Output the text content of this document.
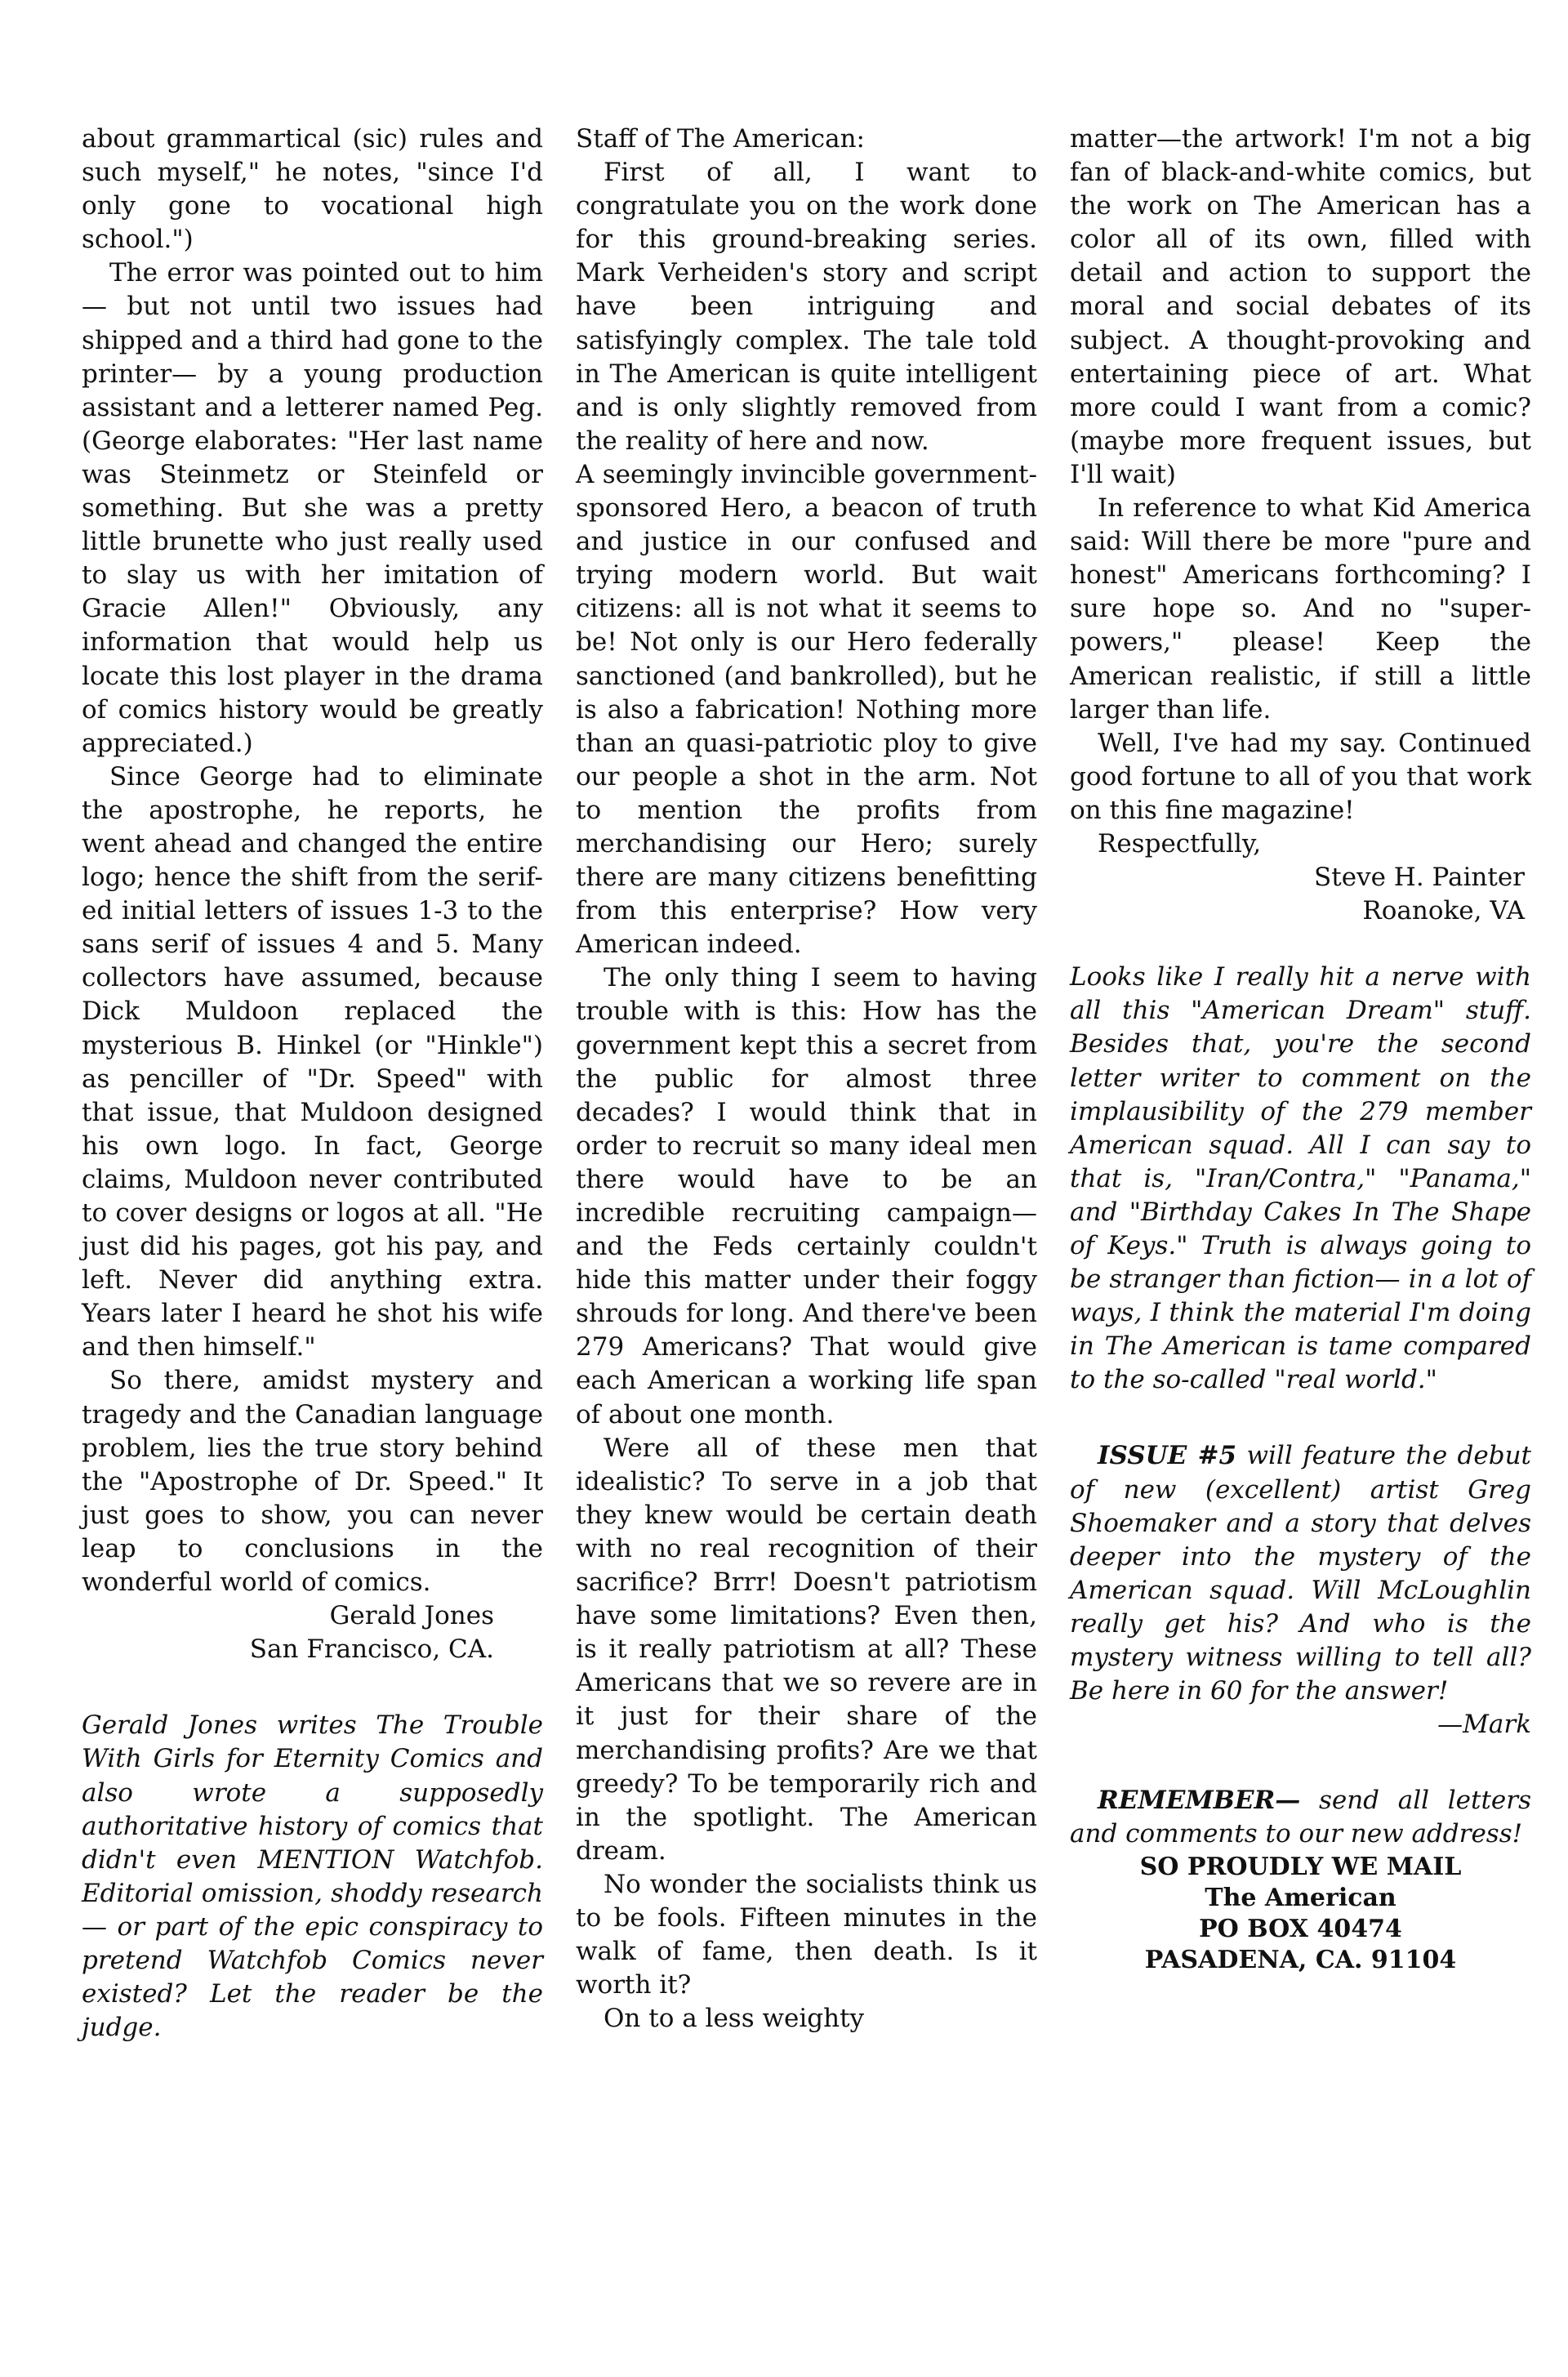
about grammartical (sic) rules and such myself," he notes, "since I'd only gone to vocational high school.")

The error was pointed out to him— but not until two issues had shipped and a third had gone to the printer— by a young production assistant and a letterer named Peg. (George elaborates: "Her last name was Steinmetz or Steinfeld or something. But she was a pretty little brunette who just really used to slay us with her imitation of Gracie Allen!" Obviously, any information that would help us locate this lost player in the drama of comics history would be greatly appreciated.)

Since George had to eliminate the apostrophe, he reports, he went ahead and changed the entire logo; hence the shift from the serif-ed initial letters of issues 1-3 to the sans serif of issues 4 and 5. Many collectors have assumed, because Dick Muldoon replaced the mysterious B. Hinkel (or "Hinkle") as penciller of "Dr. Speed" with that issue, that Muldoon designed his own logo. In fact, George claims, Muldoon never contributed to cover designs or logos at all. "He just did his pages, got his pay, and left. Never did anything extra. Years later I heard he shot his wife and then himself."

So there, amidst mystery and tragedy and the Canadian language problem, lies the true story behind the "Apostrophe of Dr. Speed." It just goes to show, you can never leap to conclusions in the wonderful world of comics.

Gerald Jones

San Francisco, CA.

Gerald Jones writes The Trouble With Girls for Eternity Comics and also wrote a supposedly authoritative history of comics that didn't even MENTION Watchfob. Editorial omission, shoddy research— or part of the epic conspiracy to pretend Watchfob Comics never existed? Let the reader be the judge.

Staff of The American:

First of all, I want to congratulate you on the work done for this ground-breaking series. Mark Verheiden's story and script have been intriguing and satisfyingly complex. The tale told in The American is quite intelligent and is only slightly removed from the reality of here and now.

A seemingly invincible government-sponsored Hero, a beacon of truth and justice in our confused and trying modern world. But wait citizens: all is not what it seems to be! Not only is our Hero federally sanctioned (and bankrolled), but he is also a fabrication! Nothing more than an quasi-patriotic ploy to give our people a shot in the arm. Not to mention the profits from merchandising our Hero; surely there are many citizens benefitting from this enterprise? How very American indeed.

The only thing I seem to having trouble with is this: How has the government kept this a secret from the public for almost three decades? I would think that in order to recruit so many ideal men there would have to be an incredible recruiting campaign—and the Feds certainly couldn't hide this matter under their foggy shrouds for long. And there've been 279 Americans? That would give each American a working life span of about one month.

Were all of these men that idealistic? To serve in a job that they knew would be certain death with no real recognition of their sacrifice? Brrr! Doesn't patriotism have some limitations? Even then, is it really patriotism at all? These Americans that we so revere are in it just for their share of the merchandising profits? Are we that greedy? To be temporarily rich and in the spotlight. The American dream.

No wonder the socialists think us to be fools. Fifteen minutes in the walk of fame, then death. Is it worth it?

On to a less weighty

matter—the artwork! I'm not a big fan of black-and-white comics, but the work on The American has a color all of its own, filled with detail and action to support the moral and social debates of its subject. A thought-provoking and entertaining piece of art. What more could I want from a comic? (maybe more frequent issues, but I'll wait)

In reference to what Kid America said: Will there be more "pure and honest" Americans forthcoming? I sure hope so. And no "super-powers," please! Keep the American realistic, if still a little larger than life.

Well, I've had my say. Continued good fortune to all of you that work on this fine magazine!

Respectfully,

Steve H. Painter

Roanoke, VA

Looks like I really hit a nerve with all this "American Dream" stuff. Besides that, you're the second letter writer to comment on the implausibility of the 279 member American squad. All I can say to that is, "Iran/Contra," "Panama," and "Birthday Cakes In The Shape of Keys." Truth is always going to be stranger than fiction— in a lot of ways, I think the material I'm doing in The American is tame compared to the so-called "real world."

ISSUE #5 will feature the debut of new (excellent) artist Greg Shoemaker and a story that delves deeper into the mystery of the American squad. Will McLoughlin really get his? And who is the mystery witness willing to tell all? Be here in 60 for the answer!

—Mark

REMEMBER— send all letters and comments to our new address!

SO PROUDLY WE MAIL
The American
PO BOX 40474
PASADENA, CA. 91104
